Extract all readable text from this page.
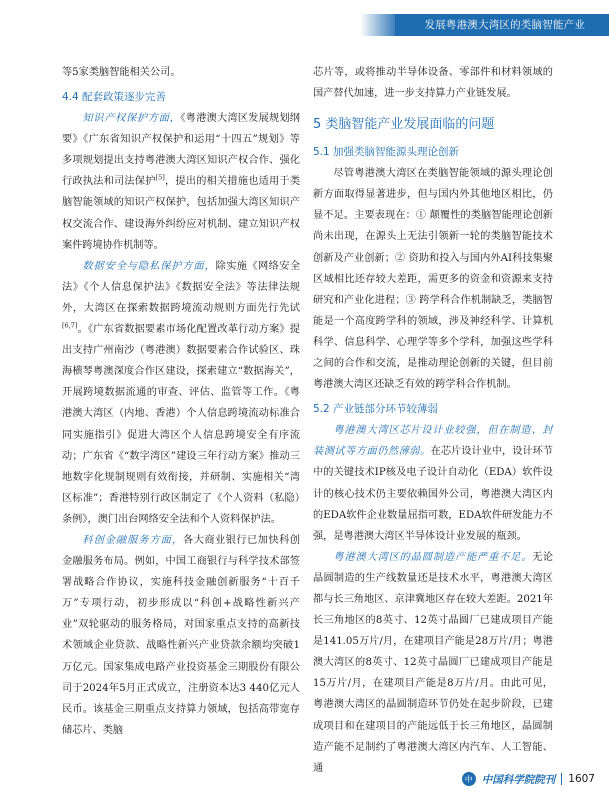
发展粤港澳大湾区的类脑智能产业

等5家类脑智能相关公司。

4.4 配套政策逐步完善

知识产权保护方面，《粤港澳大湾区发展规划纲要》《广东省知识产权保护和运用“十四五”规划》等多项规划提出支持粤港澳大湾区知识产权合作、强化行政执法和司法保护[5]，提出的相关措施也适用于类脑智能领域的知识产权保护，包括加强大湾区知识产权交流合作、建设海外纠纷应对机制、建立知识产权案件跨境协作机制等。

数据安全与隐私保护方面，除实施《网络安全法》《个人信息保护法》《数据安全法》等法律法规外，大湾区在探索数据跨境流动规则方面先行先试[6,7]。《广东省数据要素市场化配置改革行动方案》提出支持广州南沙（粤港澳）数据要素合作试验区、珠海横琴粤澳深度合作区建设，探索建立“数据海关”，开展跨境数据流通的审查、评估、监管等工作。《粤港澳大湾区（内地、香港）个人信息跨境流动标准合同实施指引》促进大湾区个人信息跨境安全有序流动；广东省《“数字湾区”建设三年行动方案》推动三地数字化规制规则有效衔接，并研制、实施相关“湾区标准”；香港特别行政区制定了《个人资料（私隐）条例》，澳门出台网络安全法和个人资料保护法。

科创金融服务方面，各大商业银行已加快科创金融服务布局。例如，中国工商银行与科学技术部签署战略合作协议，实施科技金融创新服务“十百千万”专项行动，初步形成以“科创+战略性新兴产业”双轮驱动的服务格局，对国家重点支持的高新技术领域企业贷款、战略性新兴产业贷款余额均突破1万亿元。国家集成电路产业投资基金三期股份有限公司于2024年5月正式成立，注册资本达3 440亿元人民币。该基金三期重点支持算力领域，包括高带宽存储芯片、类脑

芯片等，或将推动半导体设备、零部件和材料领域的国产替代加速，进一步支持算力产业链发展。

5 类脑智能产业发展面临的问题
5.1 加强类脑智能源头理论创新

尽管粤港澳大湾区在类脑智能领域的源头理论创新方面取得显著进步，但与国内外其他地区相比，仍显不足。主要表现在：① 颠覆性的类脑智能理论创新尚未出现，在源头上无法引领新一轮的类脑智能技术创新及产业创新；② 资助和投入与国内外AI科技集聚区域相比还存较大差距，需更多的资金和资源来支持研究和产业化进程；③ 跨学科合作机制缺乏，类脑智能是一个高度跨学科的领域，涉及神经科学、计算机科学、信息科学、心理学等多个学科，加强这些学科之间的合作和交流，是推动理论创新的关键，但目前粤港澳大湾区还缺乏有效的跨学科合作机制。

5.2 产业链部分环节较薄弱

粤港澳大湾区芯片设计业较强，但在制造、封装测试等方面仍然薄弱。在芯片设计业中，设计环节中的关键技术IP核及电子设计自动化（EDA）软件设计的核心技术仍主要依赖国外公司，粤港澳大湾区内的EDA软件企业数量屈指可数，EDA软件研发能力不强，是粤港澳大湾区半导体设计业发展的瓶颈。

粤港澳大湾区的晶圆制造产能严重不足。无论晶圆制造的生产线数量还是技术水平，粤港澳大湾区都与长三角地区、京津冀地区存在较大差距。2021年长三角地区的8英寸、12英寸晶圆厂已建成项目产能是141.05万片/月，在建项目产能是28万片/月；粤港澳大湾区的8英寸、12英寸晶圆厂已建成项目产能是15万片/月，在建项目产能是8万片/月。由此可见，粤港澳大湾区的晶圆制造环节仍处在起步阶段，已建成项目和在建项目的产能远低于长三角地区，晶圆制造产能不足制约了粤港澳大湾区内汽车、人工智能、通

中 中国科学院院刊 1607
